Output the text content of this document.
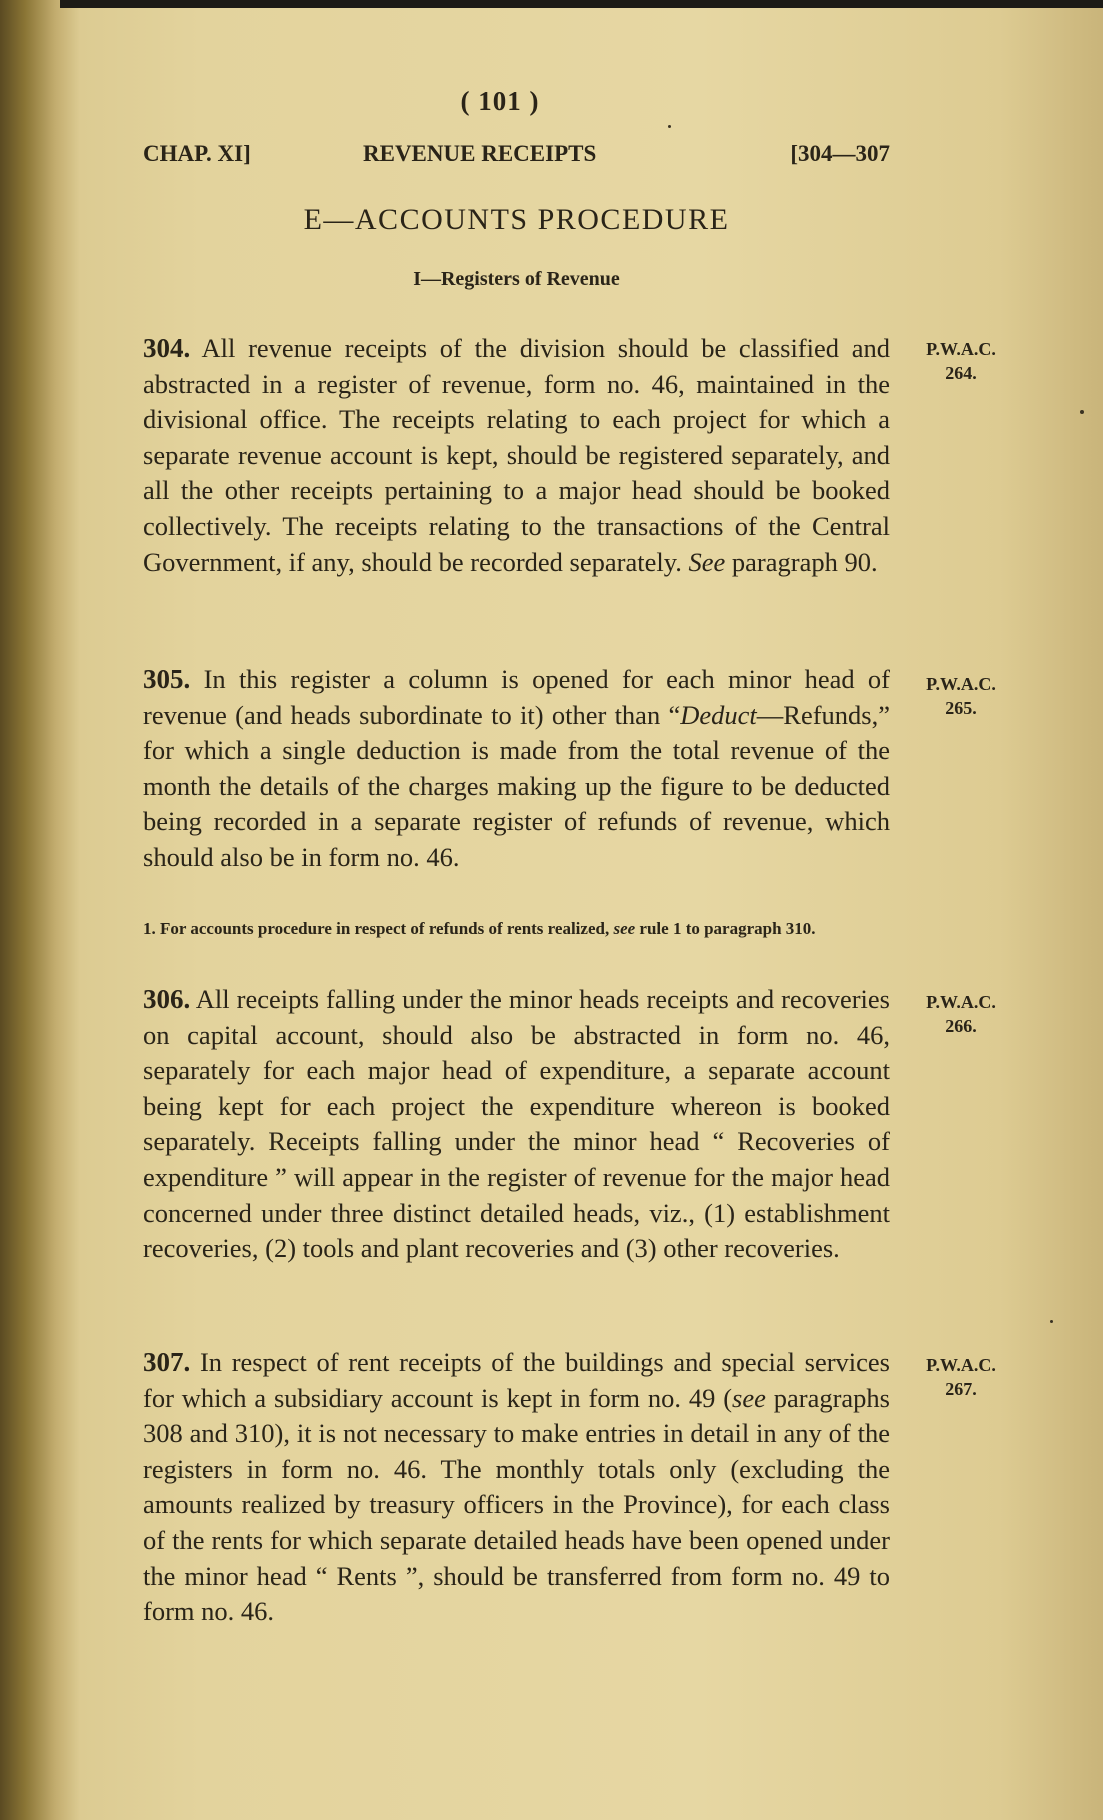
( 101 )
CHAP. XI]	REVENUE RECEIPTS	[304—307
E—ACCOUNTS PROCEDURE
I—Registers of Revenue
304. All revenue receipts of the division should be classified and abstracted in a register of revenue, form no. 46, maintained in the divisional office. The receipts relating to each project for which a separate revenue account is kept, should be registered separately, and all the other receipts pertaining to a major head should be booked collectively. The receipts relating to the transactions of the Central Government, if any, should be recorded separately. See paragraph 90.
P.W.A.C.
264.
305. In this register a column is opened for each minor head of revenue (and heads subordinate to it) other than “Deduct—Refunds,” for which a single deduction is made from the total revenue of the month the details of the charges making up the figure to be deducted being recorded in a separate register of refunds of revenue, which should also be in form no. 46.
P.W.A.C.
265.
1. For accounts procedure in respect of refunds of rents realized, see rule 1 to paragraph 310.
306. All receipts falling under the minor heads receipts and recoveries on capital account, should also be abstracted in form no. 46, separately for each major head of expenditure, a separate account being kept for each project the expenditure whereon is booked separately. Receipts falling under the minor head “ Recoveries of expenditure ” will appear in the register of revenue for the major head concerned under three distinct detailed heads, viz., (1) establishment recoveries, (2) tools and plant recoveries and (3) other recoveries.
P.W.A.C.
266.
307. In respect of rent receipts of the buildings and special services for which a subsidiary account is kept in form no. 49 (see paragraphs 308 and 310), it is not necessary to make entries in detail in any of the registers in form no. 46. The monthly totals only (excluding the amounts realized by treasury officers in the Province), for each class of the rents for which separate detailed heads have been opened under the minor head “ Rents ”, should be transferred from form no. 49 to form no. 46.
P.W.A.C.
267.
